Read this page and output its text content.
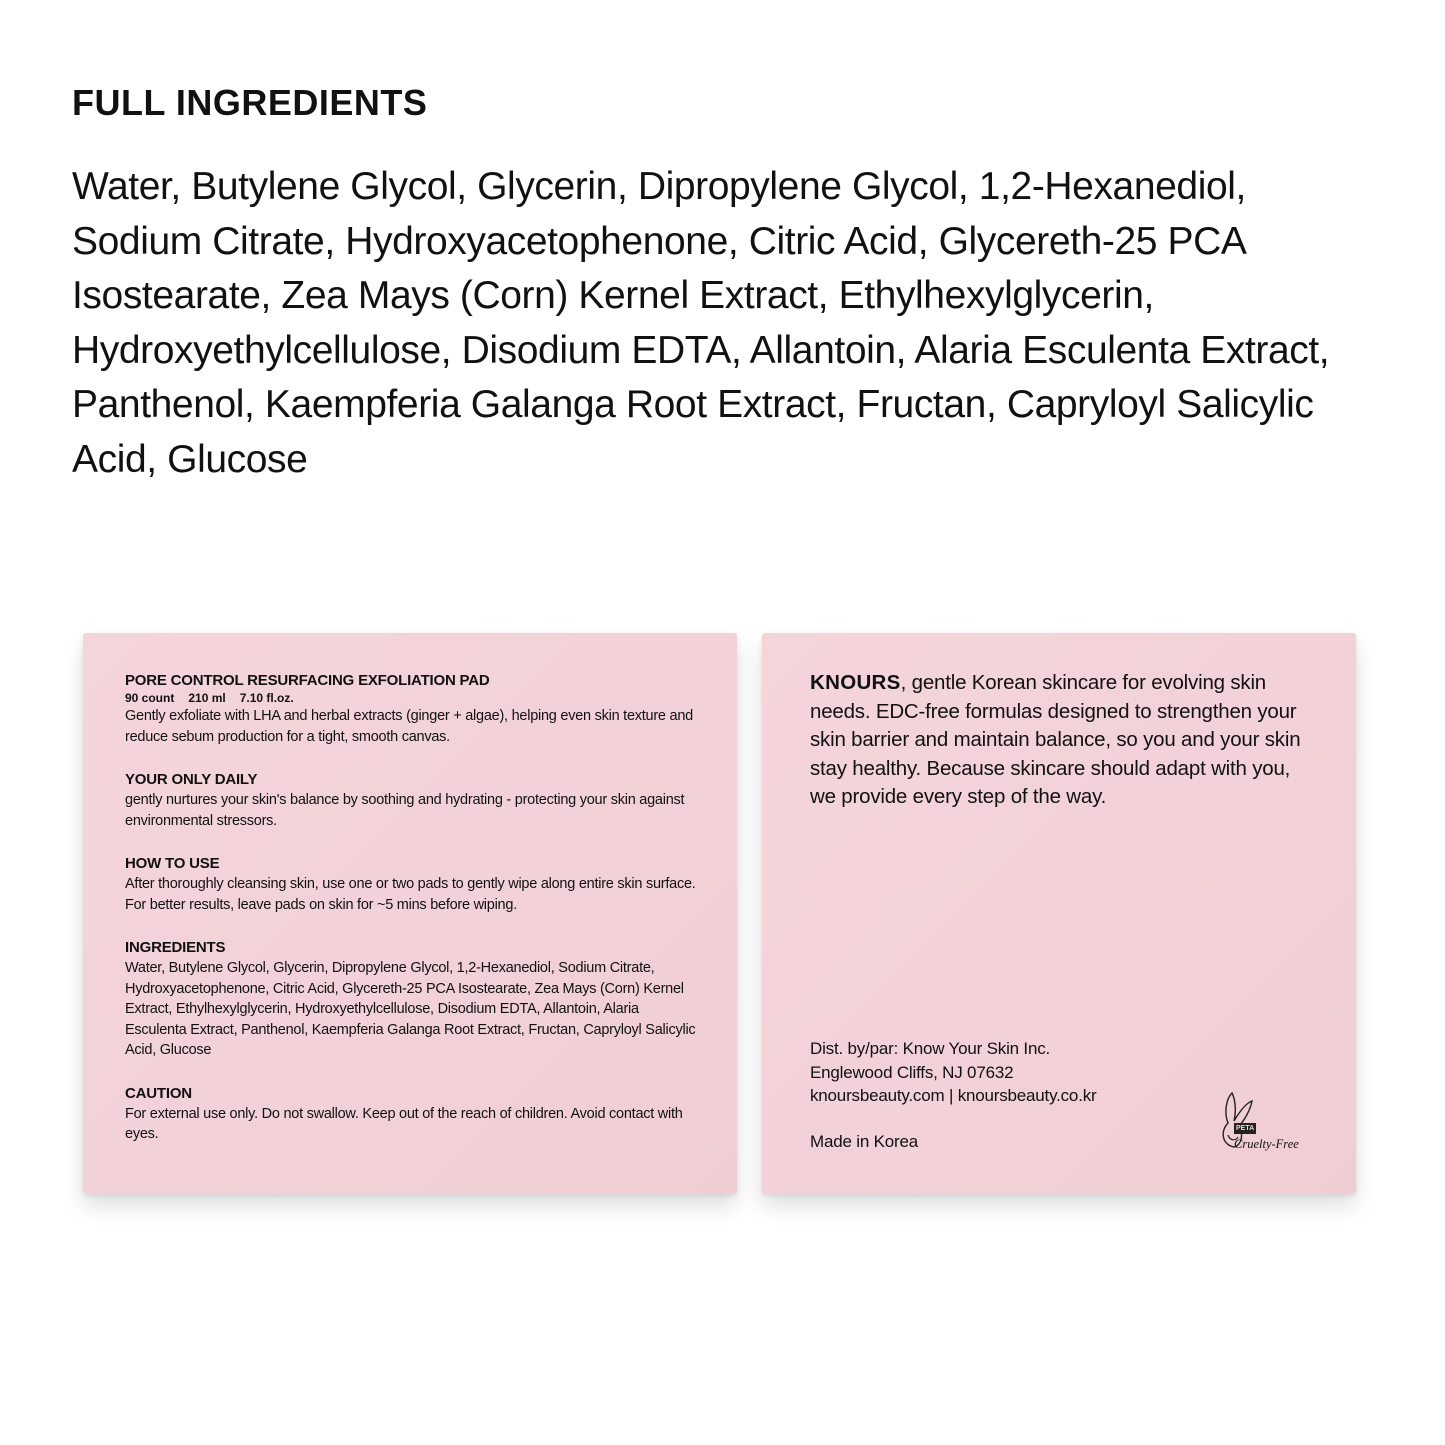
FULL INGREDIENTS

Water, Butylene Glycol, Glycerin, Dipropylene Glycol, 1,2-Hexanediol, Sodium Citrate, Hydroxyacetophenone, Citric Acid, Glycereth-25 PCA Isostearate, Zea Mays (Corn) Kernel Extract, Ethylhexylglycerin, Hydroxyethylcellulose, Disodium EDTA, Allantoin, Alaria Esculenta Extract, Panthenol, Kaempferia Galanga Root Extract, Fructan, Capryloyl Salicylic Acid, Glucose

PORE CONTROL RESURFACING EXFOLIATION PAD
90 count 210 ml 7.10 fl.oz.
Gently exfoliate with LHA and herbal extracts (ginger + algae), helping even skin texture and reduce sebum production for a tight, smooth canvas.
YOUR ONLY DAILY
gently nurtures your skin's balance by soothing and hydrating - protecting your skin against environmental stressors.
HOW TO USE
After thoroughly cleansing skin, use one or two pads to gently wipe along entire skin surface. For better results, leave pads on skin for ~5 mins before wiping.
INGREDIENTS
Water, Butylene Glycol, Glycerin, Dipropylene Glycol, 1,2-Hexanediol, Sodium Citrate, Hydroxyacetophenone, Citric Acid, Glycereth-25 PCA Isostearate, Zea Mays (Corn) Kernel Extract, Ethylhexylglycerin, Hydroxyethylcellulose, Disodium EDTA, Allantoin, Alaria Esculenta Extract, Panthenol, Kaempferia Galanga Root Extract, Fructan, Capryloyl Salicylic Acid, Glucose
CAUTION
For external use only. Do not swallow. Keep out of the reach of children. Avoid contact with eyes.

KNOURS, gentle Korean skincare for evolving skin needs. EDC-free formulas designed to strengthen your skin barrier and maintain balance, so you and your skin stay healthy. Because skincare should adapt with you, we provide every step of the way.

Dist. by/par: Know Your Skin Inc.
Englewood Cliffs, NJ 07632
knoursbeauty.com | knoursbeauty.co.kr
Made in Korea
PETA
Cruelty-Free
